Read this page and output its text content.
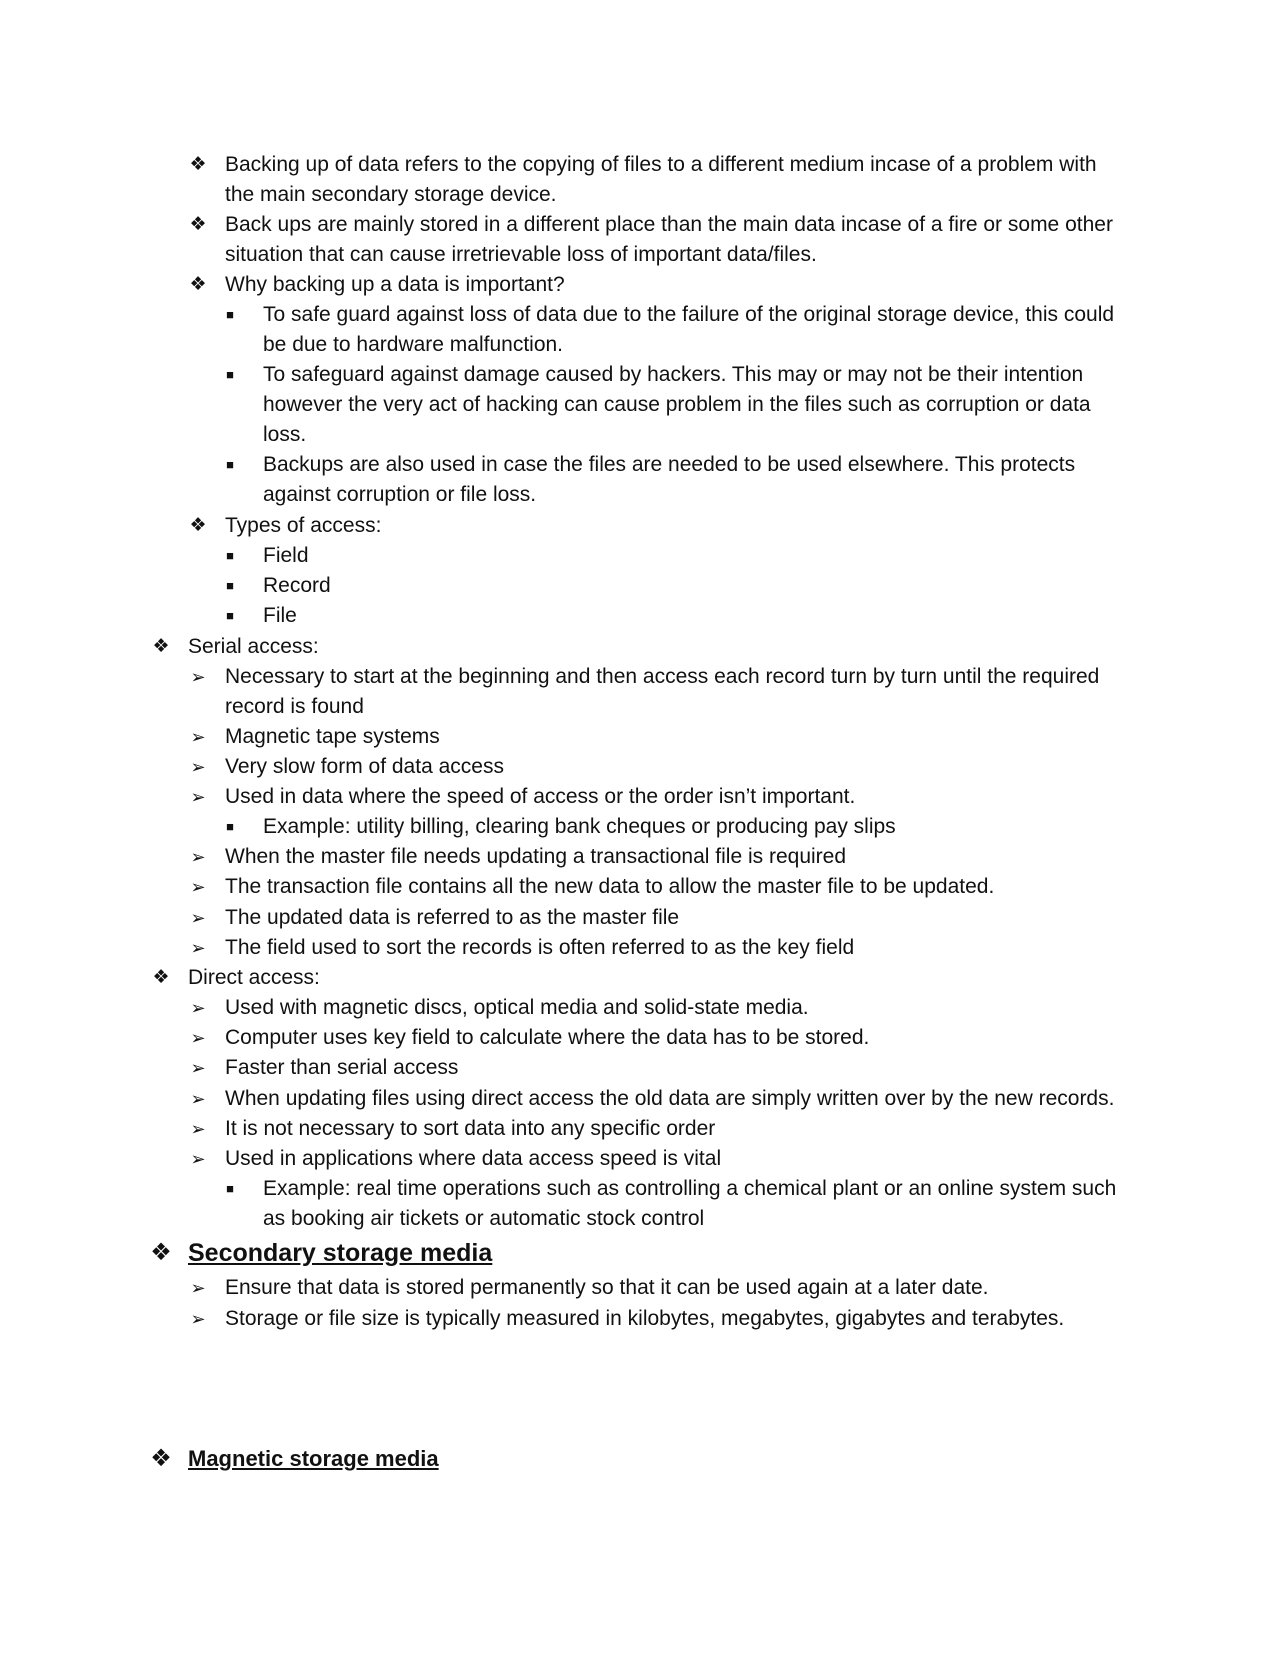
❖ Backing up of data refers to the copying of files to a different medium incase of a problem with
the main secondary storage device.
❖ Back ups are mainly stored in a different place than the main data incase of a fire or some other
situation that can cause irretrievable loss of important data/files.
❖ Why backing up a data is important?
■	To safe guard against loss of data due to the failure of the original storage device, this could
be due to hardware malfunction.
■	To safeguard against damage caused by hackers. This may or may not be their intention
however the very act of hacking can cause problem in the files such as corruption or data
loss.
■	Backups are also used in case the files are needed to be used elsewhere. This protects
against corruption or file loss.
❖ Types of access:
■	Field
■	Record
■	File
❖ Serial access:
➢ Necessary to start at the beginning and then access each record turn by turn until the required
record is found
➢ Magnetic tape systems
➢ Very slow form of data access
➢ Used in data where the speed of access or the order isn’t important.
■	Example: utility billing, clearing bank cheques or producing pay slips
➢ When the master file needs updating a transactional file is required
➢ The transaction file contains all the new data to allow the master file to be updated.
➢ The updated data is referred to as the master file
➢ The field used to sort the records is often referred to as the key field
❖ Direct access:
➢ Used with magnetic discs, optical media and solid-state media.
➢ Computer uses key field to calculate where the data has to be stored.
➢ Faster than serial access
➢ When updating files using direct access the old data are simply written over by the new records.
➢ It is not necessary to sort data into any specific order
➢ Used in applications where data access speed is vital
■	Example: real time operations such as controlling a chemical plant or an online system such
as booking air tickets or automatic stock control
❖ Secondary storage media
➢ Ensure that data is stored permanently so that it can be used again at a later date.
➢ Storage or file size is typically measured in kilobytes, megabytes, gigabytes and terabytes.
❖ Magnetic storage media
